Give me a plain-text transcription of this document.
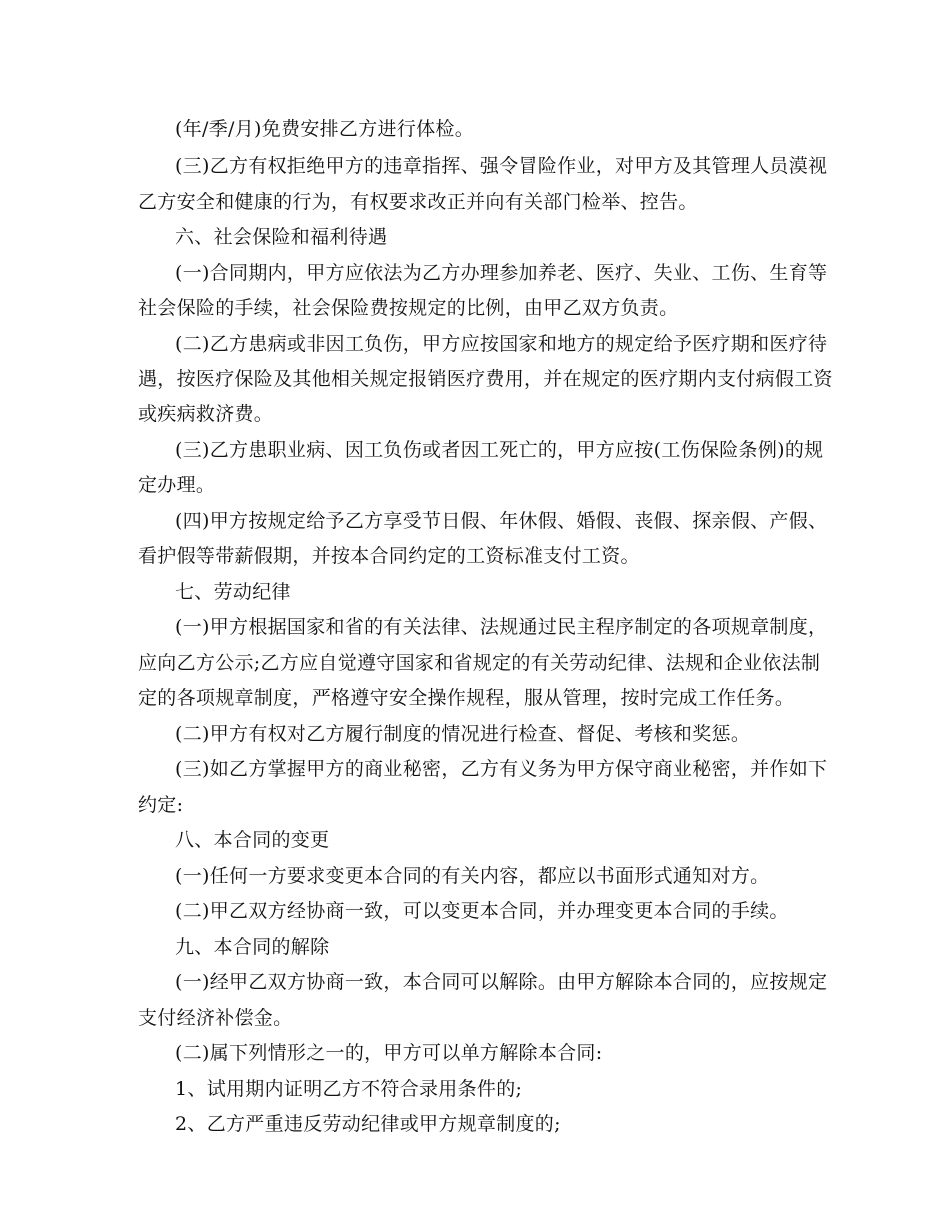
(年/季/月)免费安排乙方进行体检。
(三)乙方有权拒绝甲方的违章指挥、强令冒险作业，对甲方及其管理人员漠视
乙方安全和健康的行为，有权要求改正并向有关部门检举、控告。
六、社会保险和福利待遇
(一)合同期内，甲方应依法为乙方办理参加养老、医疗、失业、工伤、生育等
社会保险的手续，社会保险费按规定的比例，由甲乙双方负责。
(二)乙方患病或非因工负伤，甲方应按国家和地方的规定给予医疗期和医疗待
遇，按医疗保险及其他相关规定报销医疗费用，并在规定的医疗期内支付病假工资
或疾病救济费。
(三)乙方患职业病、因工负伤或者因工死亡的，甲方应按(工伤保险条例)的规
定办理。
(四)甲方按规定给予乙方享受节日假、年休假、婚假、丧假、探亲假、产假、
看护假等带薪假期，并按本合同约定的工资标准支付工资。
七、劳动纪律
(一)甲方根据国家和省的有关法律、法规通过民主程序制定的各项规章制度，
应向乙方公示;乙方应自觉遵守国家和省规定的有关劳动纪律、法规和企业依法制
定的各项规章制度，严格遵守安全操作规程，服从管理，按时完成工作任务。
(二)甲方有权对乙方履行制度的情况进行检查、督促、考核和奖惩。
(三)如乙方掌握甲方的商业秘密，乙方有义务为甲方保守商业秘密，并作如下
约定:
八、本合同的变更
(一)任何一方要求变更本合同的有关内容，都应以书面形式通知对方。
(二)甲乙双方经协商一致，可以变更本合同，并办理变更本合同的手续。
九、本合同的解除
(一)经甲乙双方协商一致，本合同可以解除。由甲方解除本合同的，应按规定
支付经济补偿金。
(二)属下列情形之一的，甲方可以单方解除本合同:
1、试用期内证明乙方不符合录用条件的;
2、乙方严重违反劳动纪律或甲方规章制度的;
